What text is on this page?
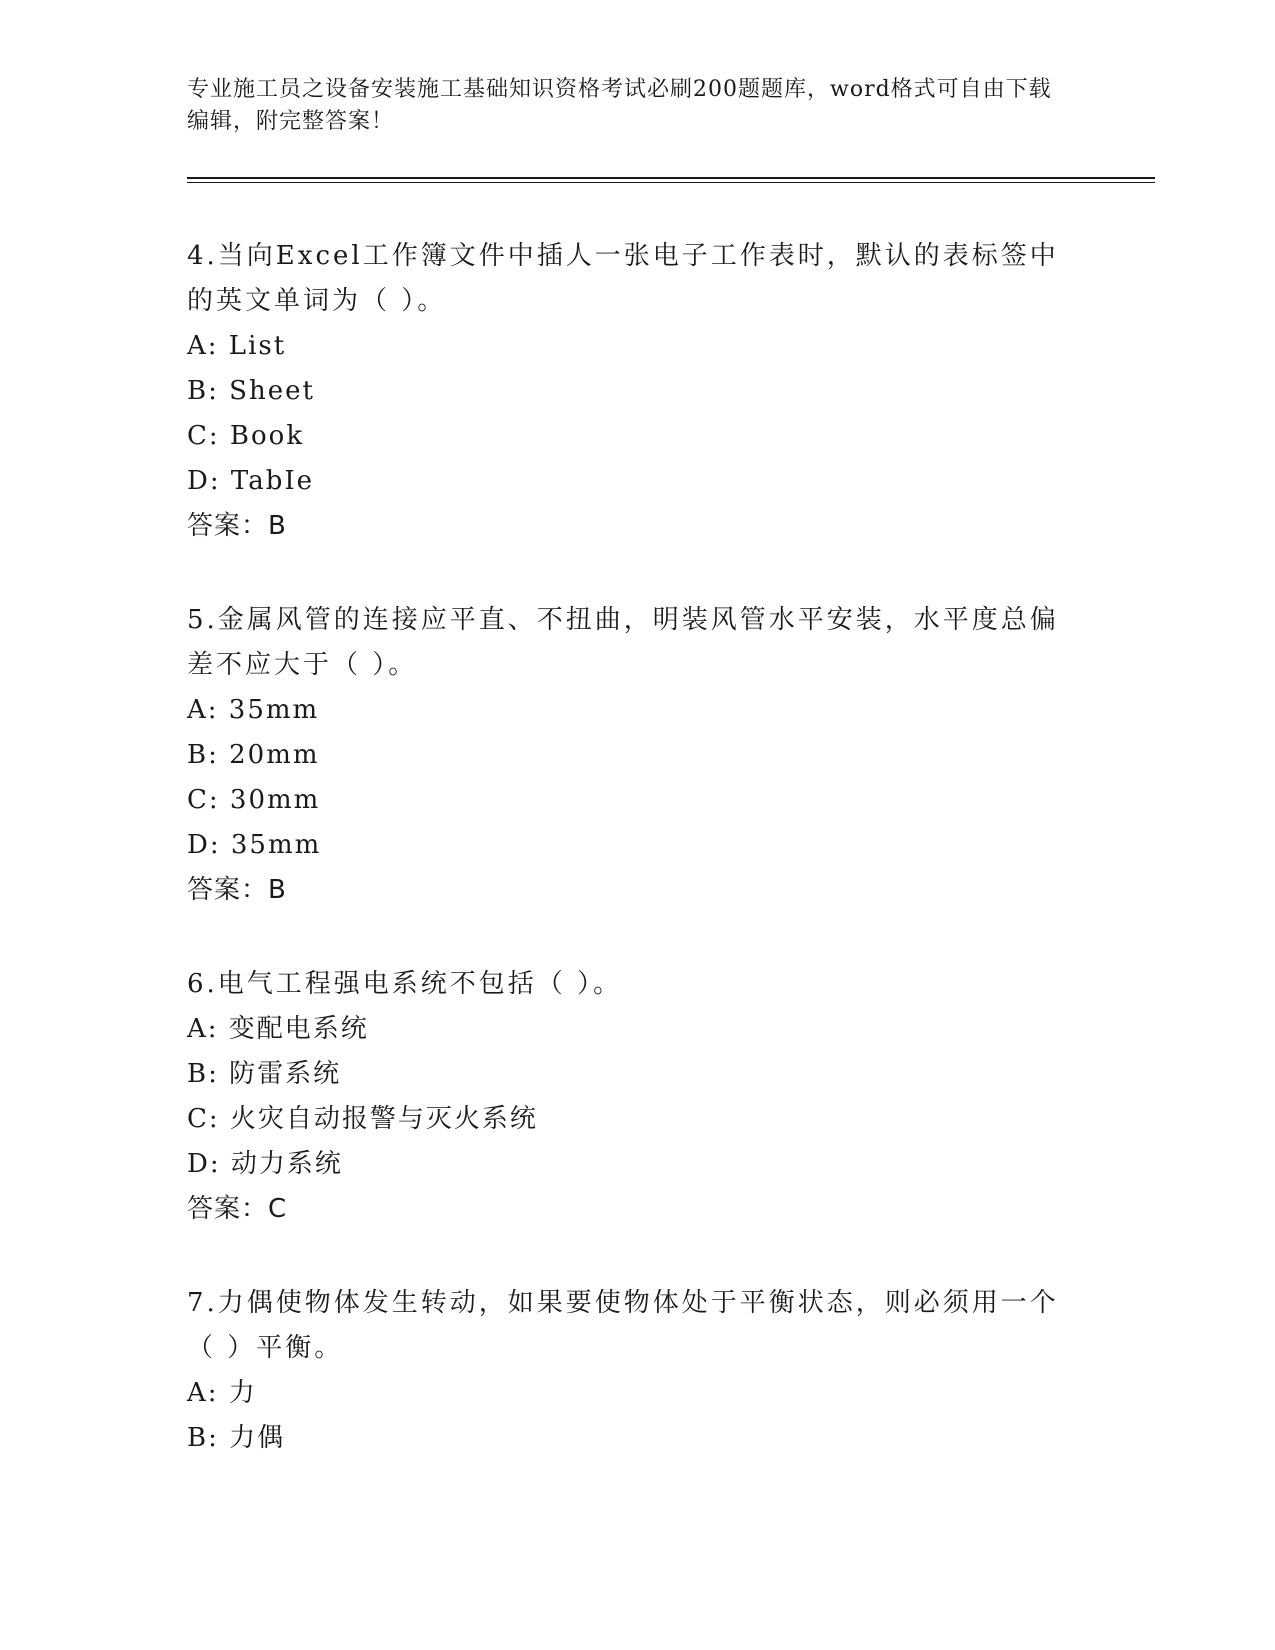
专业施工员之设备安装施工基础知识资格考试必刷200题题库，word格式可自由下载编辑，附完整答案！

4.当向Excel工作簿文件中插人一张电子工作表时，默认的表标签中的英文单词为（ ）。

A: List

B: Sheet

C: Book

D: TabIe

答案：B

5.金属风管的连接应平直、不扭曲，明装风管水平安装，水平度总偏差不应大于（ ）。

A: 35mm

B: 20mm

C: 30mm

D: 35mm

答案：B

6.电气工程强电系统不包括（ ）。

A: 变配电系统

B: 防雷系统

C: 火灾自动报警与灭火系统

D: 动力系统

答案：C

7.力偶使物体发生转动，如果要使物体处于平衡状态，则必须用一个（ ）平衡。

A: 力

B: 力偶
